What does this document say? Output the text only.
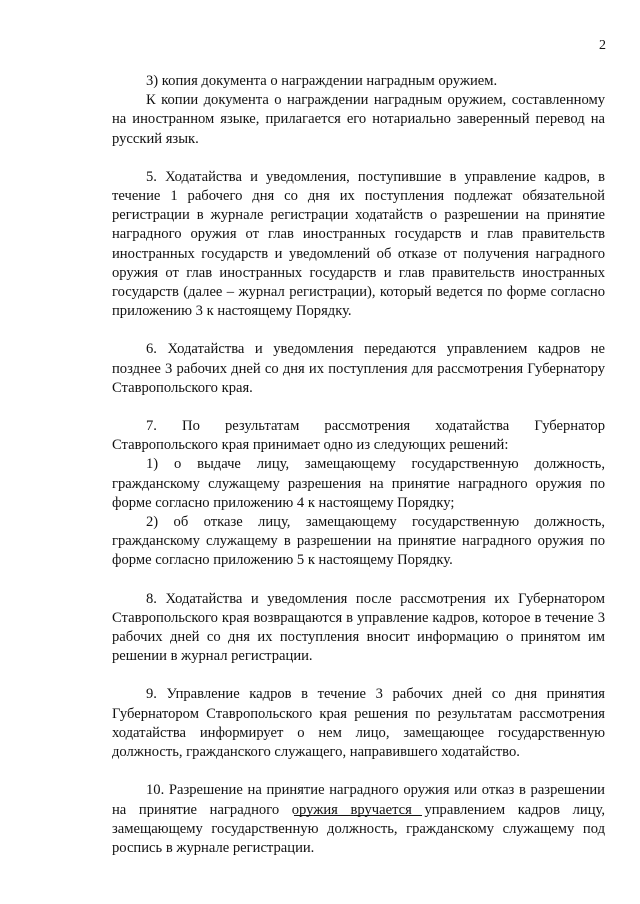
2

3) копия документа о награждении наградным оружием.

К копии документа о награждении наградным оружием, составленному на иностранном языке, прилагается его нотариально заверенный перевод на русский язык.

5. Ходатайства и уведомления, поступившие в управление кадров, в течение 1 рабочего дня со дня их поступления подлежат обязательной регистрации в журнале регистрации ходатайств о разрешении на принятие наградного оружия от глав иностранных государств и глав правительств иностранных государств и уведомлений об отказе от получения наградного оружия от глав иностранных государств и глав правительств иностранных государств (далее – журнал регистрации), который ведется по форме согласно приложению 3 к настоящему Порядку.

6. Ходатайства и уведомления передаются управлением кадров не позднее 3 рабочих дней со дня их поступления для рассмотрения Губернатору Ставропольского края.

7. По результатам рассмотрения ходатайства Губернатор Ставропольского края принимает одно из следующих решений:

1) о выдаче лицу, замещающему государственную должность, гражданскому служащему разрешения на принятие наградного оружия по форме согласно приложению 4 к настоящему Порядку;

2) об отказе лицу, замещающему государственную должность, гражданскому служащему в разрешении на принятие наградного оружия по форме согласно приложению 5 к настоящему Порядку.

8. Ходатайства и уведомления после рассмотрения их Губернатором Ставропольского края возвращаются в управление кадров, которое в течение 3 рабочих дней со дня их поступления вносит информацию о принятом им решении в журнал регистрации.

9. Управление кадров в течение 3 рабочих дней со дня принятия Губернатором Ставропольского края решения по результатам рассмотрения ходатайства информирует о нем лицо, замещающее государственную должность, гражданского служащего, направившего ходатайство.

10. Разрешение на принятие наградного оружия или отказ в разрешении на принятие наградного оружия вручается управлением кадров лицу, замещающему государственную должность, гражданскому служащему под роспись в журнале регистрации.
